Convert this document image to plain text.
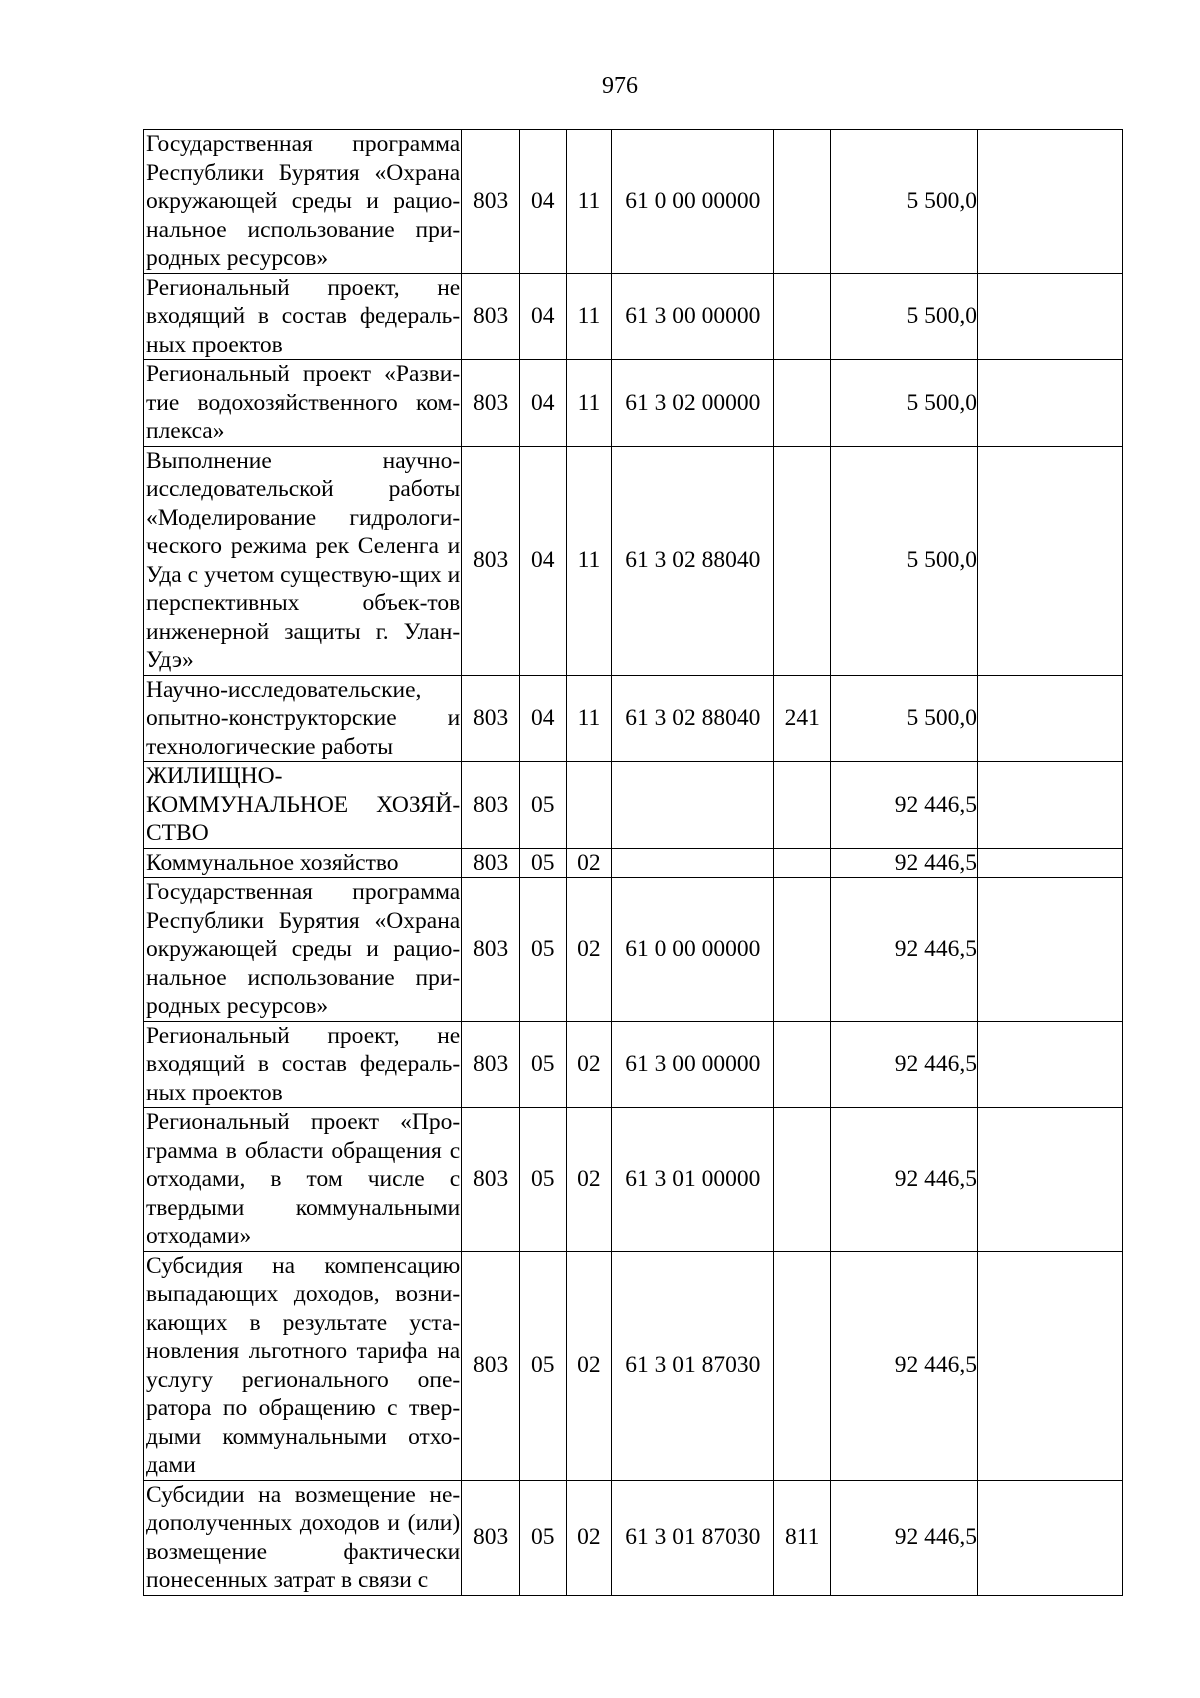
976
Государственная программа Республики Бурятия «Охрана окружающей среды и рацио-нальное использование при-родных ресурсов»	803	04	11	61 0 00 00000		5 500,0	
Региональный проект, не входящий в состав федераль-ных проектов	803	04	11	61 3 00 00000		5 500,0	
Региональный проект «Разви-тие водохозяйственного ком-плекса»	803	04	11	61 3 02 00000		5 500,0	
Выполнение научно-исследовательской работы «Моделирование гидрологи-ческого режима рек Селенга и Уда с учетом существую-щих и перспективных объек-тов инженерной защиты г. Улан-Удэ»	803	04	11	61 3 02 88040		5 500,0	
Научно-исследовательские, опытно-конструкторские и технологические работы	803	04	11	61 3 02 88040	241	5 500,0	
ЖИЛИЩНО-КОММУНАЛЬНОЕ ХОЗЯЙ-СТВО	803	05				92 446,5	
Коммунальное хозяйство	803	05	02			92 446,5	
Государственная программа Республики Бурятия «Охрана окружающей среды и рацио-нальное использование при-родных ресурсов»	803	05	02	61 0 00 00000		92 446,5	
Региональный проект, не входящий в состав федераль-ных проектов	803	05	02	61 3 00 00000		92 446,5	
Региональный проект «Про-грамма в области обращения с отходами, в том числе с твердыми коммунальными отходами»	803	05	02	61 3 01 00000		92 446,5	
Субсидия на компенсацию выпадающих доходов, возни-кающих в результате уста-новления льготного тарифа на услугу регионального опе-ратора по обращению с твер-дыми коммунальными отхо-дами	803	05	02	61 3 01 87030		92 446,5	
Субсидии на возмещение не-дополученных доходов и (или) возмещение фактически понесенных затрат в связи с	803	05	02	61 3 01 87030	811	92 446,5	
